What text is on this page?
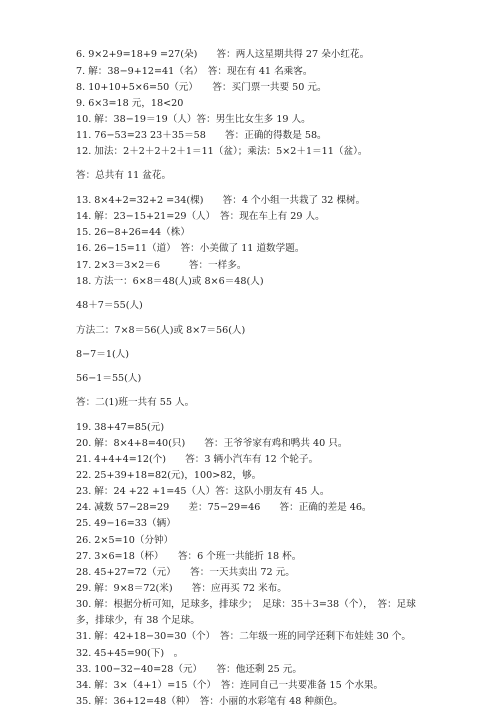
6. 9×2+9=18+9 =27(朵)　　答：两人这星期共得 27 朵小红花。
7. 解：38−9+12=41（名）　答：现在有 41 名乘客。
8. 10+10+5×6=50（元）　　答：买门票一共要 50 元。
9. 6×3=18 元，18<20
10. 解：38−19＝19（人）答：男生比女生多 19 人。
11. 76−53=23 23＋35＝58　　答：正确的得数是 58。
12. 加法：2＋2＋2＋2＋1＝11（盆）；乘法：5×2＋1＝11（盆）。
答：总共有 11 盆花。
13. 8×4+2=32+2 =34(棵)　　答：4 个小组一共栽了 32 棵树。
14. 解：23−15+21=29（人）　答：现在车上有 29 人。
15. 26−8+26=44（株）
16. 26−15=11（道）　答：小美做了 11 道数学题。
17. 2×3＝3×2＝6　　　答：一样多。
18. 方法一：6×8＝48(人)或 8×6＝48(人)
48＋7＝55(人)
方法二：7×8＝56(人)或 8×7＝56(人)
8−7＝1(人)
56−1＝55(人)
答：二(1)班一共有 55 人。
19. 38+47=85(元)
20. 解：8×4+8=40(只)　　答：王爷爷家有鸡和鸭共 40 只。
21. 4+4+4=12(个)　　答：3 辆小汽车有 12 个轮子。
22. 25+39+18=82(元)，100>82，够。
23. 解：24 +22 +1=45（人）答：这队小朋友有 45 人。
24. 减数 57−28=29　　差：75−29=46　　答：正确的差是 46。
25. 49−16=33（辆）
26. 2×5=10（分钟）
27. 3×6=18（杯）　　答：6 个班一共能折 18 杯。
28. 45+27=72（元）　　答：一天共卖出 72 元。
29. 解：9×8＝72(米)　　答：应再买 72 米布。
30. 解：根据分析可知，足球多，排球少；　足球：35＋3=38（个），　答：足球
多，排球少，有 38 个足球。
31. 解：42+18−30=30（个）　答：二年级一班的同学还剩下布娃娃 30 个。
32. 45+45=90(下)　。
33. 100−32−40=28（元）　　答：他还剩 25 元。
34. 解：3×（4+1）=15（个）　答：连同自己一共要准备 15 个水果。
35. 解：36+12=48（种）　答：小丽的水彩笔有 48 种颜色。
